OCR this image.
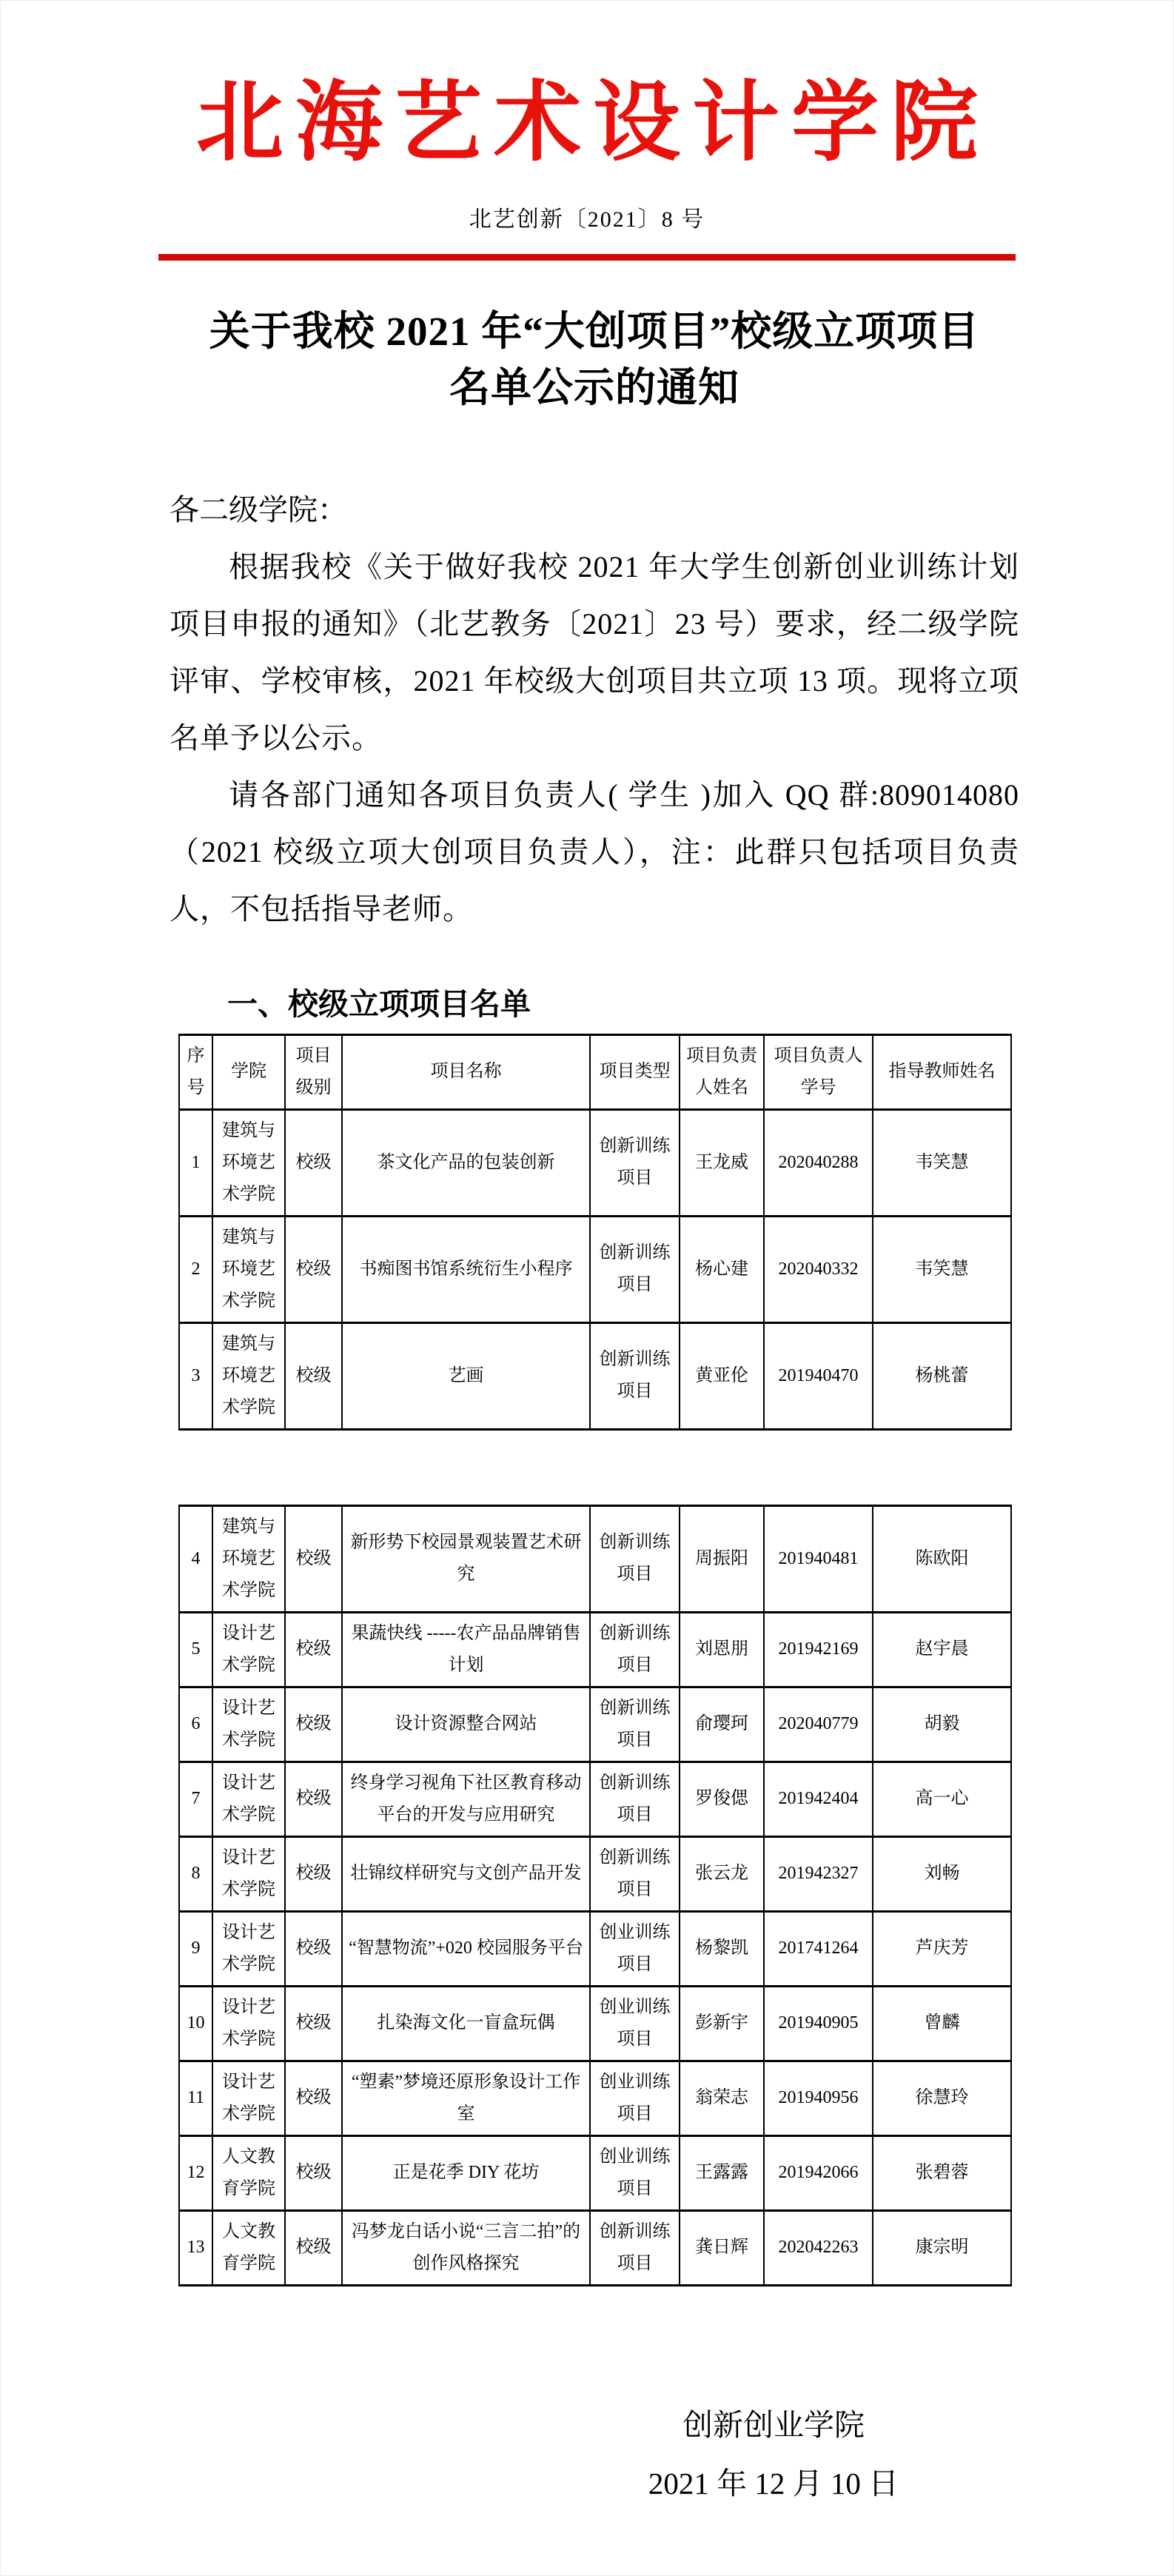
北海艺术设计学院
北艺创新〔2021〕8 号
关于我校 2021 年“大创项目”校级立项项目
名单公示的通知
各二级学院：

根据我校《关于做好我校 2021 年大学生创新创业训练计划项目申报的通知》（北艺教务〔2021〕23 号）要求，经二级学院评审、学校审核，2021 年校级大创项目共立项 13 项。现将立项名单予以公示。

请各部门通知各项目负责人( 学生 )加入 QQ 群:809014080（2021 校级立项大创项目负责人），注：此群只包括项目负责人，不包括指导老师。

一、校级立项项目名单
序号	学院	项目级别	项目名称	项目类型	项目负责人姓名	项目负责人学号	指导教师姓名
1	建筑与环境艺术学院	校级	茶文化产品的包装创新	创新训练项目	王龙威	202040288	韦笑慧
2	建筑与环境艺术学院	校级	书痴图书馆系统衍生小程序	创新训练项目	杨心建	202040332	韦笑慧
3	建筑与环境艺术学院	校级	艺画	创新训练项目	黄亚伦	201940470	杨桃蕾
4	建筑与环境艺术学院	校级	新形势下校园景观装置艺术研究	创新训练项目	周振阳	201940481	陈欧阳
5	设计艺术学院	校级	果蔬快线 -----农产品品牌销售计划	创新训练项目	刘恩朋	201942169	赵宇晨
6	设计艺术学院	校级	设计资源整合网站	创新训练项目	俞璎珂	202040779	胡毅
7	设计艺术学院	校级	终身学习视角下社区教育移动平台的开发与应用研究	创新训练项目	罗俊偲	201942404	高一心
8	设计艺术学院	校级	壮锦纹样研究与文创产品开发	创新训练项目	张云龙	201942327	刘畅
9	设计艺术学院	校级	“智慧物流”+020 校园服务平台	创业训练项目	杨黎凯	201741264	芦庆芳
10	设计艺术学院	校级	扎染海文化一盲盒玩偶	创业训练项目	彭新宇	201940905	曾麟
11	设计艺术学院	校级	“塑素”梦境还原形象设计工作室	创业训练项目	翁荣志	201940956	徐慧玲
12	人文教育学院	校级	正是花季 DIY 花坊	创业训练项目	王露露	201942066	张碧蓉
13	人文教育学院	校级	冯梦龙白话小说“三言二拍”的创作风格探究	创新训练项目	龚日辉	202042263	康宗明
创新创业学院
2021 年 12 月 10 日
